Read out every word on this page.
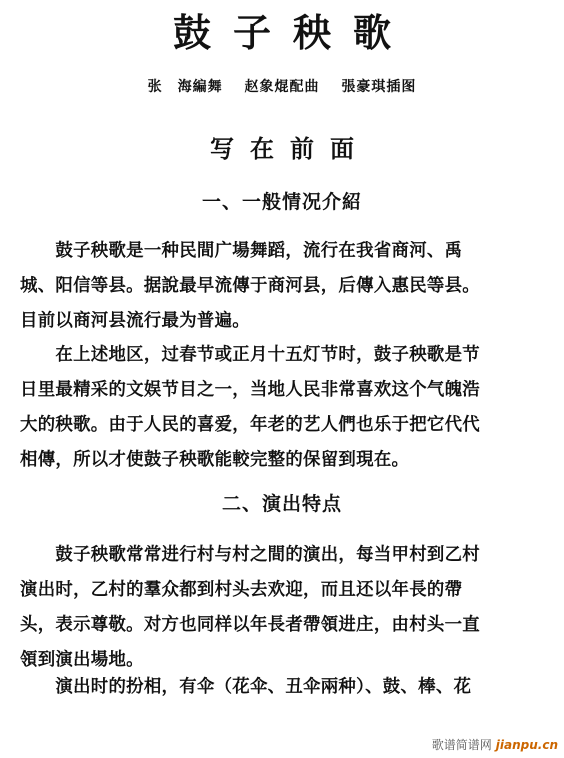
鼓子秧歌
张　海編舞 赵象焜配曲 張豪琪插图
写在前面
一、一般情况介紹
　　鼓子秧歌是一种民間广場舞蹈，流行在我省商河、禹
城、阳信等县。据說最早流傳于商河县，后傳入惠民等县。
目前以商河县流行最为普遍。
　　在上述地区，过春节或正月十五灯节时，鼓子秧歌是节
日里最精采的文娱节目之一，当地人民非常喜欢这个气魄浩
大的秧歌。由于人民的喜爱，年老的艺人們也乐于把它代代
相傳，所以才使鼓子秧歌能較完整的保留到現在。
二、演出特点
　　鼓子秧歌常常进行村与村之間的演出，每当甲村到乙村
演出时，乙村的羣众都到村头去欢迎，而且还以年長的帶
头，表示尊敬。对方也同样以年長者帶領进庄，由村头一直
領到演出場地。
　　演出时的扮相，有伞（花伞、丑伞兩种）、鼓、棒、花
歌谱简谱网 jianpu.cn
